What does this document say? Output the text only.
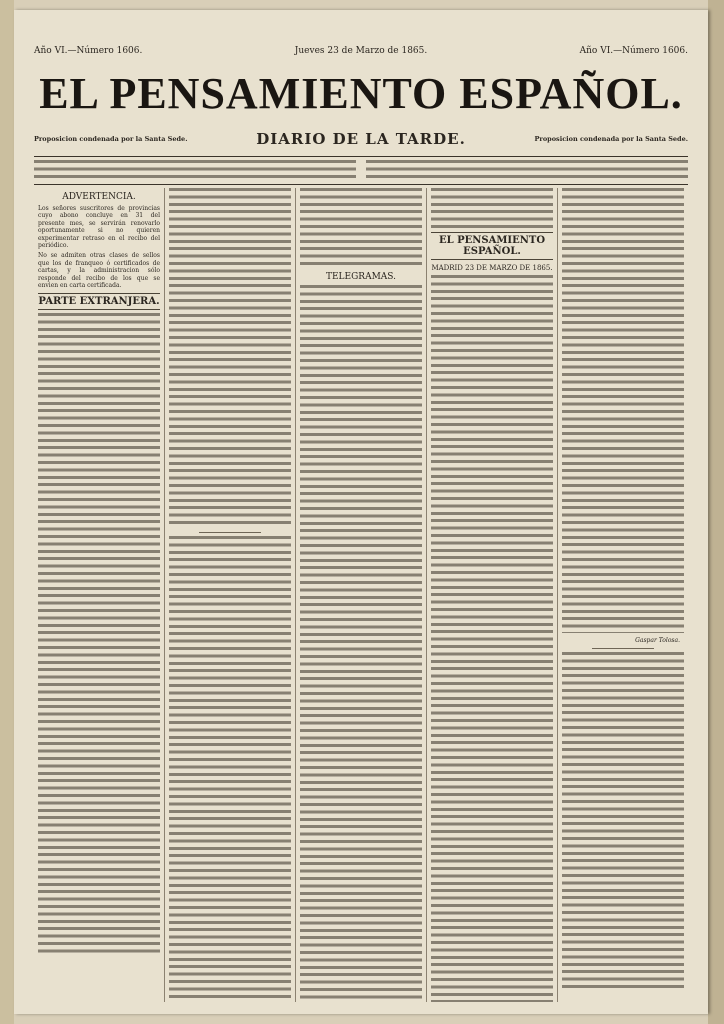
Año VI.—Número 1606.	Jueves 23 de Marzo de 1865.	Año VI.—Número 1606.
EL PENSAMIENTO ESPAÑOL.
Proposicion condenada por la Santa Sede.	DIARIO DE LA TARDE.	Proposicion condenada por la Santa Sede.
ADVERTENCIA.
Los señores suscritores de provincias cuyo abono concluye en 31 del presente mes, se servirán renovarlo oportunamente si no quieren experimentar retraso en el recibo del periódico.
No se admiten otras clases de sellos que los de franqueo ó certificados de cartas, y la administracion sólo responde del recibo de los que se envien en carta certificada.
PARTE EXTRANJERA.
TELEGRAMAS.
EL PENSAMIENTO ESPAÑOL.
MADRID 23 DE MARZO DE 1865.
Gaspar Tolosa.
